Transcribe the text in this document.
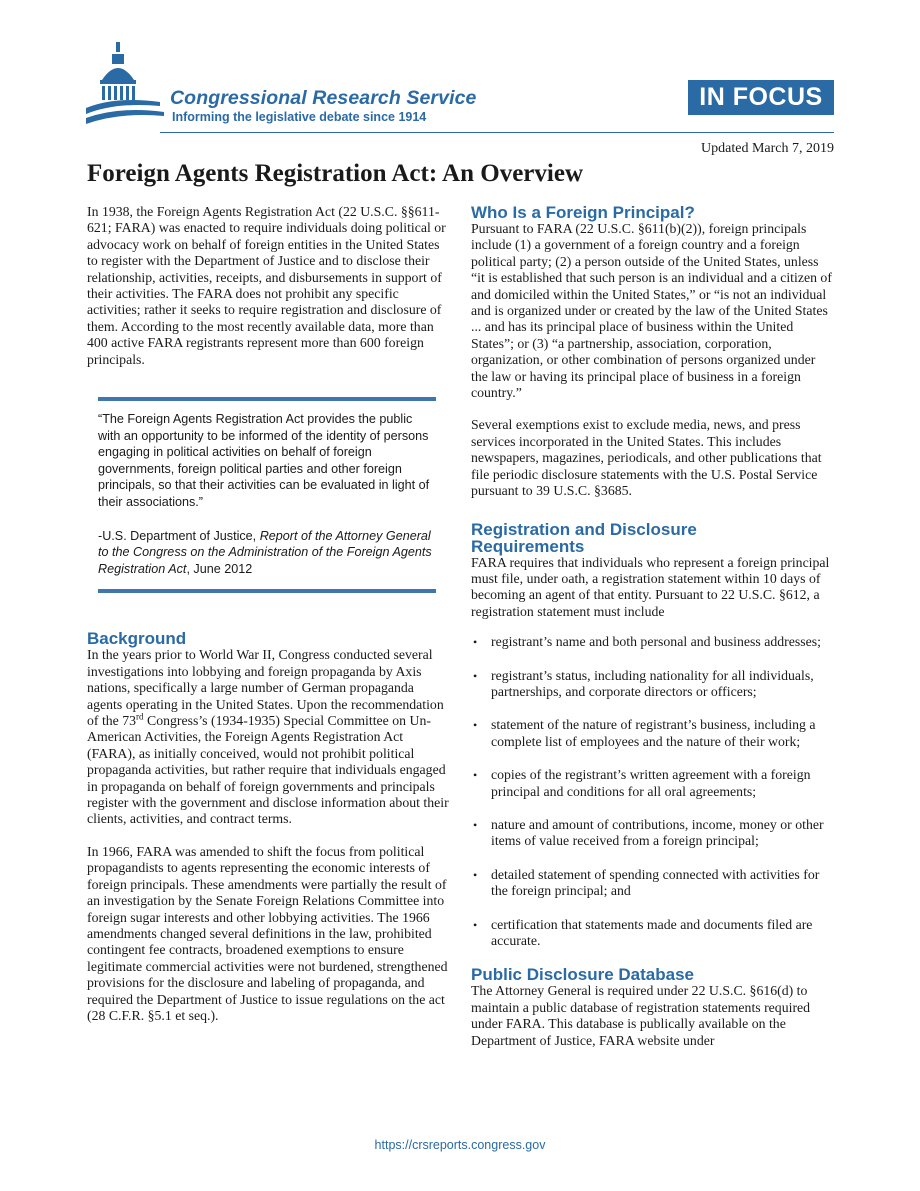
Congressional Research Service
Informing the legislative debate since 1914
IN FOCUS
Updated March 7, 2019
Foreign Agents Registration Act: An Overview

In 1938, the Foreign Agents Registration Act (22 U.S.C. §§611-621; FARA) was enacted to require individuals doing political or advocacy work on behalf of foreign entities in the United States to register with the Department of Justice and to disclose their relationship, activities, receipts, and disbursements in support of their activities. The FARA does not prohibit any specific activities; rather it seeks to require registration and disclosure of them. According to the most recently available data, more than 400 active FARA registrants represent more than 600 foreign principals.

“The Foreign Agents Registration Act provides the public with an opportunity to be informed of the identity of persons engaging in political activities on behalf of foreign governments, foreign political parties and other foreign principals, so that their activities can be evaluated in light of their associations.”

-U.S. Department of Justice, Report of the Attorney General to the Congress on the Administration of the Foreign Agents Registration Act, June 2012

Background

In the years prior to World War II, Congress conducted several investigations into lobbying and foreign propaganda by Axis nations, specifically a large number of German propaganda agents operating in the United States. Upon the recommendation of the 73rd Congress’s (1934-1935) Special Committee on Un-American Activities, the Foreign Agents Registration Act (FARA), as initially conceived, would not prohibit political propaganda activities, but rather require that individuals engaged in propaganda on behalf of foreign governments and principals register with the government and disclose information about their clients, activities, and contract terms.

In 1966, FARA was amended to shift the focus from political propagandists to agents representing the economic interests of foreign principals. These amendments were partially the result of an investigation by the Senate Foreign Relations Committee into foreign sugar interests and other lobbying activities. The 1966 amendments changed several definitions in the law, prohibited contingent fee contracts, broadened exemptions to ensure legitimate commercial activities were not burdened, strengthened provisions for the disclosure and labeling of propaganda, and required the Department of Justice to issue regulations on the act (28 C.F.R. §5.1 et seq.).

Who Is a Foreign Principal?

Pursuant to FARA (22 U.S.C. §611(b)(2)), foreign principals include (1) a government of a foreign country and a foreign political party; (2) a person outside of the United States, unless “it is established that such person is an individual and a citizen of and domiciled within the United States,” or “is not an individual and is organized under or created by the law of the United States ... and has its principal place of business within the United States”; or (3) “a partnership, association, corporation, organization, or other combination of persons organized under the law or having its principal place of business in a foreign country.”

Several exemptions exist to exclude media, news, and press services incorporated in the United States. This includes newspapers, magazines, periodicals, and other publications that file periodic disclosure statements with the U.S. Postal Service pursuant to 39 U.S.C. §3685.

Registration and Disclosure
Requirements

FARA requires that individuals who represent a foreign principal must file, under oath, a registration statement within 10 days of becoming an agent of that entity. Pursuant to 22 U.S.C. §612, a registration statement must include

• registrant’s name and both personal and business addresses;
• registrant’s status, including nationality for all individuals, partnerships, and corporate directors or officers;
• statement of the nature of registrant’s business, including a complete list of employees and the nature of their work;
• copies of the registrant’s written agreement with a foreign principal and conditions for all oral agreements;
• nature and amount of contributions, income, money or other items of value received from a foreign principal;
• detailed statement of spending connected with activities for the foreign principal; and
• certification that statements made and documents filed are accurate.
Public Disclosure Database

The Attorney General is required under 22 U.S.C. §616(d) to maintain a public database of registration statements required under FARA. This database is publically available on the Department of Justice, FARA website under

https://crsreports.congress.gov
